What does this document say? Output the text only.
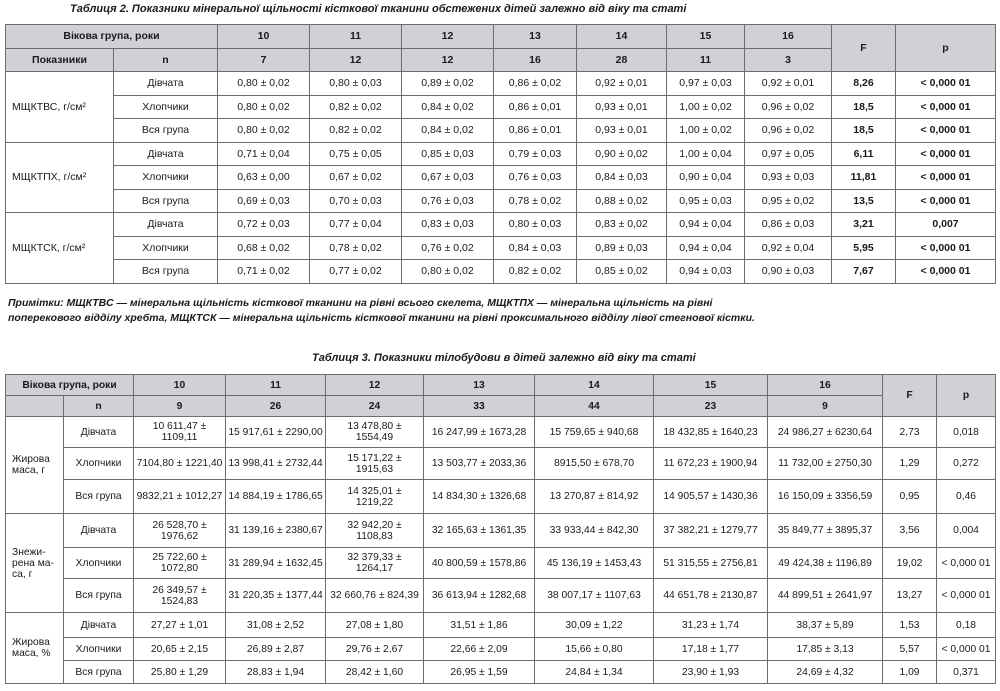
Таблиця 2. Показники мінеральної щільності кісткової тканини обстежених дітей залежно від віку та статі
Вікова група, роки		10	11	12	13	14	15	16	F	p
Показники	n	7	12	12	16	28	11	3		
МЩКТВС, г/см²	Дівчата	0,80 ± 0,02	0,80 ± 0,03	0,89 ± 0,02	0,86 ± 0,02	0,92 ± 0,01	0,97 ± 0,03	0,92 ± 0,01	8,26	< 0,000 01
	Хлопчики	0,80 ± 0,02	0,82 ± 0,02	0,84 ± 0,02	0,86 ± 0,01	0,93 ± 0,01	1,00 ± 0,02	0,96 ± 0,02	18,5	< 0,000 01
	Вся група	0,80 ± 0,02	0,82 ± 0,02	0,84 ± 0,02	0,86 ± 0,01	0,93 ± 0,01	1,00 ± 0,02	0,96 ± 0,02	18,5	< 0,000 01
МЩКТПХ, г/см²	Дівчата	0,71 ± 0,04	0,75 ± 0,05	0,85 ± 0,03	0,79 ± 0,03	0,90 ± 0,02	1,00 ± 0,04	0,97 ± 0,05	6,11	< 0,000 01
	Хлопчики	0,63 ± 0,00	0,67 ± 0,02	0,67 ± 0,03	0,76 ± 0,03	0,84 ± 0,03	0,90 ± 0,04	0,93 ± 0,03	11,81	< 0,000 01
	Вся група	0,69 ± 0,03	0,70 ± 0,03	0,76 ± 0,03	0,78 ± 0,02	0,88 ± 0,02	0,95 ± 0,03	0,95 ± 0,02	13,5	< 0,000 01
МЩКТСК, г/см²	Дівчата	0,72 ± 0,03	0,77 ± 0,04	0,83 ± 0,03	0,80 ± 0,03	0,83 ± 0,02	0,94 ± 0,04	0,86 ± 0,03	3,21	0,007
	Хлопчики	0,68 ± 0,02	0,78 ± 0,02	0,76 ± 0,02	0,84 ± 0,03	0,89 ± 0,03	0,94 ± 0,04	0,92 ± 0,04	5,95	< 0,000 01
	Вся група	0,71 ± 0,02	0,77 ± 0,02	0,80 ± 0,02	0,82 ± 0,02	0,85 ± 0,02	0,94 ± 0,03	0,90 ± 0,03	7,67	< 0,000 01
Примітки: МЩКТВС — мінеральна щільність кісткової тканини на рівні всього скелета, МЩКТПХ — мінеральна щільність на рівні поперекового відділу хребта, МЩКТСК — мінеральна щільність кісткової тканини на рівні проксимального відділу лівої стегнової кістки.
Таблиця 3. Показники тілобудови в дітей залежно від віку та статі
Вікова група, роки		10	11	12	13	14	15	16	F	p
	n	9	26	24	33	44	23	9		
Жирова маса, г	Дівчата	10 611,47 ± 1109,11	15 917,61 ± 2290,00	13 478,80 ± 1554,49	16 247,99 ± 1673,28	15 759,65 ± 940,68	18 432,85 ± 1640,23	24 986,27 ± 6230,64	2,73	0,018
	Хлопчики	7104,80 ± 1221,40	13 998,41 ± 2732,44	15 171,22 ± 1915,63	13 503,77 ± 2033,36	8915,50 ± 678,70	11 672,23 ± 1900,94	11 732,00 ± 2750,30	1,29	0,272
	Вся група	9832,21 ± 1012,27	14 884,19 ± 1786,65	14 325,01 ± 1219,22	14 834,30 ± 1326,68	13 270,87 ± 814,92	14 905,57 ± 1430,36	16 150,09 ± 3356,59	0,95	0,46
Знежи-рена ма-са, г	Дівчата	26 528,70 ± 1976,62	31 139,16 ± 2380,67	32 942,20 ± 1108,83	32 165,63 ± 1361,35	33 933,44 ± 842,30	37 382,21 ± 1279,77	35 849,77 ± 3895,37	3,56	0,004
	Хлопчики	25 722,60 ± 1072,80	31 289,94 ± 1632,45	32 379,33 ± 1264,17	40 800,59 ± 1578,86	45 136,19 ± 1453,43	51 315,55 ± 2756,81	49 424,38 ± 1196,89	19,02	< 0,000 01
	Вся група	26 349,57 ± 1524,83	31 220,35 ± 1377,44	32 660,76 ± 824,39	36 613,94 ± 1282,68	38 007,17 ± 1107,63	44 651,78 ± 2130,87	44 899,51 ± 2641,97	13,27	< 0,000 01
Жирова маса, %	Дівчата	27,27 ± 1,01	31,08 ± 2,52	27,08 ± 1,80	31,51 ± 1,86	30,09 ± 1,22	31,23 ± 1,74	38,37 ± 5,89	1,53	0,18
	Хлопчики	20,65 ± 2,15	26,89 ± 2,87	29,76 ± 2,67	22,66 ± 2,09	15,66 ± 0,80	17,18 ± 1,77	17,85 ± 3,13	5,57	< 0,000 01
	Вся група	25,80 ± 1,29	28,83 ± 1,94	28,42 ± 1,60	26,95 ± 1,59	24,84 ± 1,34	23,90 ± 1,93	24,69 ± 4,32	1,09	0,371
